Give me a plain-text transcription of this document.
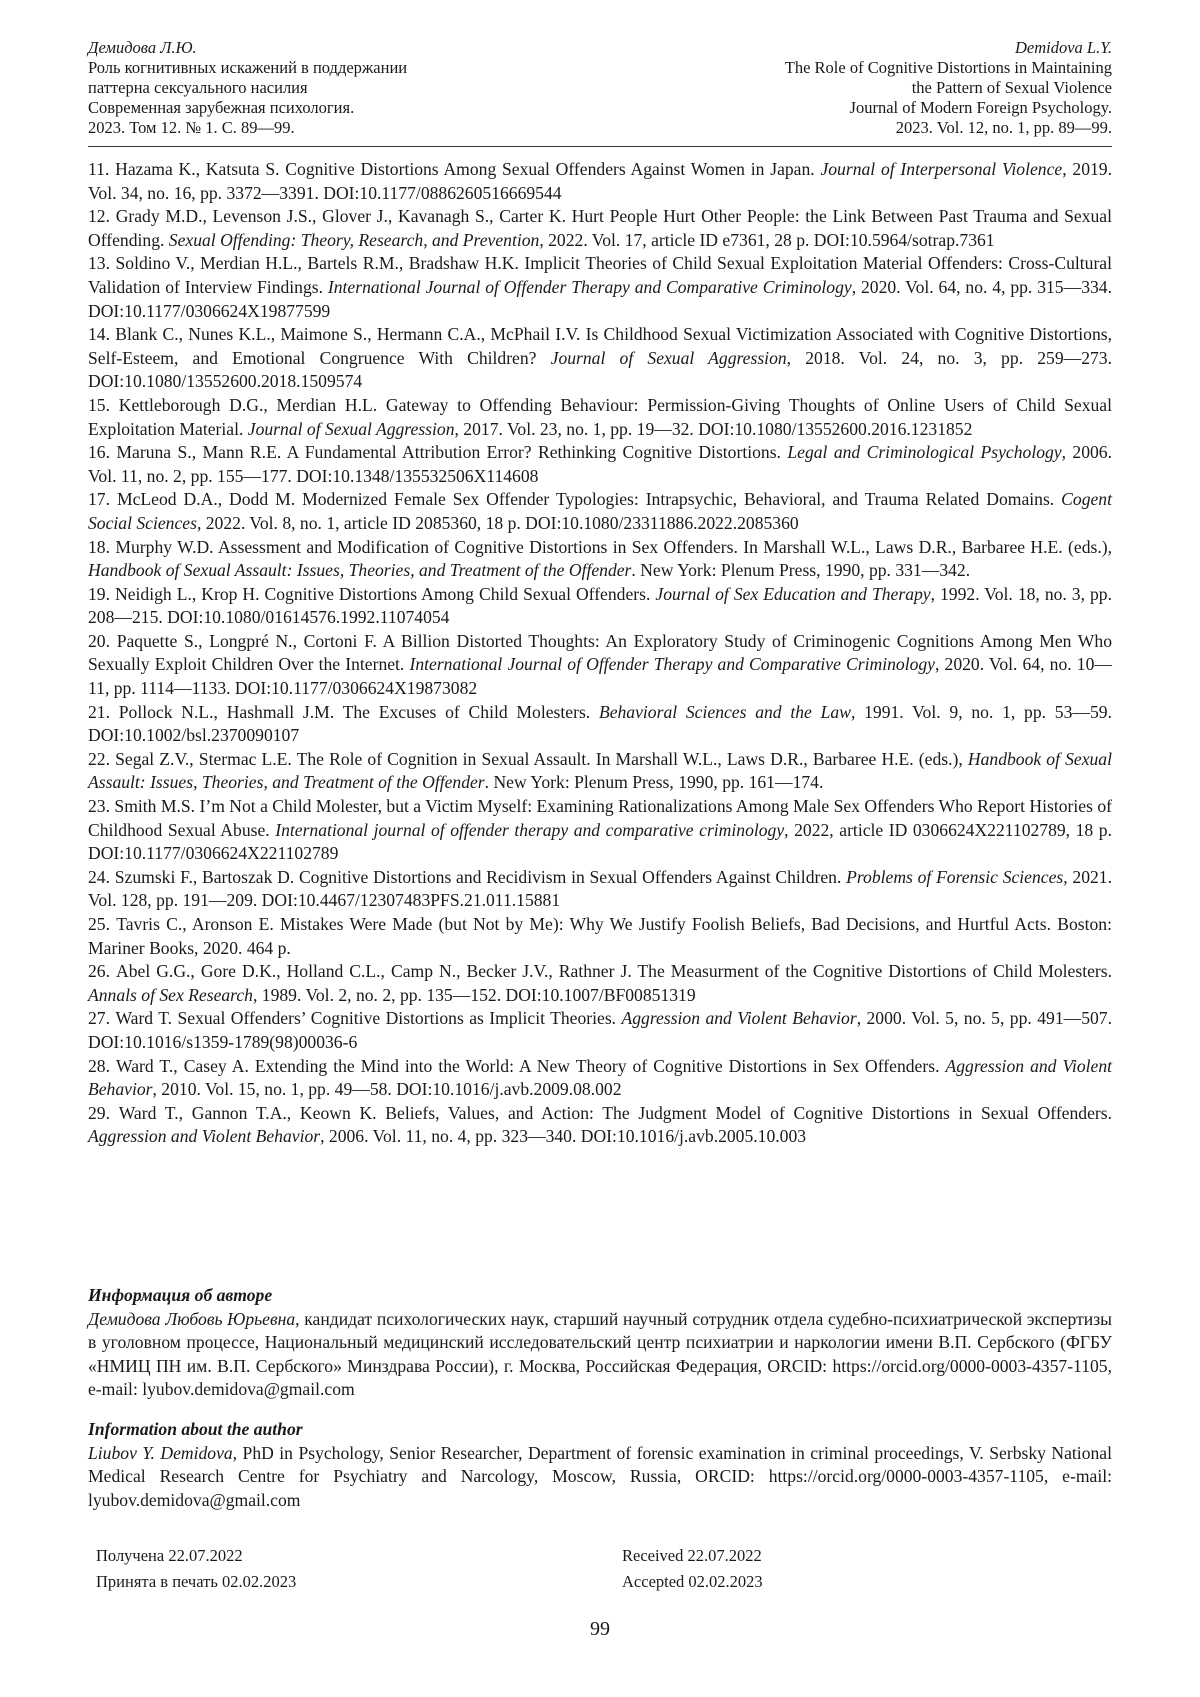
Демидова Л.Ю.
Роль когнитивных искажений в поддержании
паттерна сексуального насилия
Современная зарубежная психология.
2023. Том 12. № 1. С. 89—99.
Demidova L.Y.
The Role of Cognitive Distortions in Maintaining
the Pattern of Sexual Violence
Journal of Modern Foreign Psychology.
2023. Vol. 12, no. 1, pp. 89—99.

11. Hazama K., Katsuta S. Cognitive Distortions Among Sexual Offenders Against Women in Japan. Journal of Interpersonal Violence, 2019. Vol. 34, no. 16, pp. 3372—3391. DOI:10.1177/0886260516669544

12. Grady M.D., Levenson J.S., Glover J., Kavanagh S., Carter K. Hurt People Hurt Other People: the Link Between Past Trauma and Sexual Offending. Sexual Offending: Theory, Research, and Prevention, 2022. Vol. 17, article ID e7361, 28 p. DOI:10.5964/sotrap.7361

13. Soldino V., Merdian H.L., Bartels R.M., Bradshaw H.K. Implicit Theories of Child Sexual Exploitation Material Offenders: Cross-Cultural Validation of Interview Findings. International Journal of Offender Therapy and Comparative Criminology, 2020. Vol. 64, no. 4, pp. 315—334. DOI:10.1177/0306624X19877599

14. Blank C., Nunes K.L., Maimone S., Hermann C.A., McPhail I.V. Is Childhood Sexual Victimization Associated with Cognitive Distortions, Self-Esteem, and Emotional Congruence With Children? Journal of Sexual Aggression, 2018. Vol. 24, no. 3, pp. 259—273. DOI:10.1080/13552600.2018.1509574

15. Kettleborough D.G., Merdian H.L. Gateway to Offending Behaviour: Permission-Giving Thoughts of Online Users of Child Sexual Exploitation Material. Journal of Sexual Aggression, 2017. Vol. 23, no. 1, pp. 19—32. DOI:10.1080/13552600.2016.1231852

16. Maruna S., Mann R.E. A Fundamental Attribution Error? Rethinking Cognitive Distortions. Legal and Criminological Psychology, 2006. Vol. 11, no. 2, pp. 155—177. DOI:10.1348/135532506X114608

17. McLeod D.A., Dodd M. Modernized Female Sex Offender Typologies: Intrapsychic, Behavioral, and Trauma Related Domains. Cogent Social Sciences, 2022. Vol. 8, no. 1, article ID 2085360, 18 p. DOI:10.1080/23311886.2022.2085360

18. Murphy W.D. Assessment and Modification of Cognitive Distortions in Sex Offenders. In Marshall W.L., Laws D.R., Barbaree H.E. (eds.), Handbook of Sexual Assault: Issues, Theories, and Treatment of the Offender. New York: Plenum Press, 1990, pp. 331—342.

19. Neidigh L., Krop H. Cognitive Distortions Among Child Sexual Offenders. Journal of Sex Education and Therapy, 1992. Vol. 18, no. 3, pp. 208—215. DOI:10.1080/01614576.1992.11074054

20. Paquette S., Longpré N., Cortoni F. A Billion Distorted Thoughts: An Exploratory Study of Criminogenic Cognitions Among Men Who Sexually Exploit Children Over the Internet. International Journal of Offender Therapy and Comparative Criminology, 2020. Vol. 64, no. 10—11, pp. 1114—1133. DOI:10.1177/0306624X19873082

21. Pollock N.L., Hashmall J.M. The Excuses of Child Molesters. Behavioral Sciences and the Law, 1991. Vol. 9, no. 1, pp. 53—59. DOI:10.1002/bsl.2370090107

22. Segal Z.V., Stermac L.E. The Role of Cognition in Sexual Assault. In Marshall W.L., Laws D.R., Barbaree H.E. (eds.), Handbook of Sexual Assault: Issues, Theories, and Treatment of the Offender. New York: Plenum Press, 1990, pp. 161—174.

23. Smith M.S. I’m Not a Child Molester, but a Victim Myself: Examining Rationalizations Among Male Sex Offenders Who Report Histories of Childhood Sexual Abuse. International journal of offender therapy and comparative criminology, 2022, article ID 0306624X221102789, 18 p. DOI:10.1177/0306624X221102789

24. Szumski F., Bartoszak D. Cognitive Distortions and Recidivism in Sexual Offenders Against Children. Problems of Forensic Sciences, 2021. Vol. 128, pp. 191—209. DOI:10.4467/12307483PFS.21.011.15881

25. Tavris C., Aronson E. Mistakes Were Made (but Not by Me): Why We Justify Foolish Beliefs, Bad Decisions, and Hurtful Acts. Boston: Mariner Books, 2020. 464 p.

26. Abel G.G., Gore D.K., Holland C.L., Camp N., Becker J.V., Rathner J. The Measurment of the Cognitive Distortions of Child Molesters. Annals of Sex Research, 1989. Vol. 2, no. 2, pp. 135—152. DOI:10.1007/BF00851319

27. Ward T. Sexual Offenders’ Cognitive Distortions as Implicit Theories. Aggression and Violent Behavior, 2000. Vol. 5, no. 5, pp. 491—507. DOI:10.1016/s1359-1789(98)00036-6

28. Ward T., Casey A. Extending the Mind into the World: A New Theory of Cognitive Distortions in Sex Offenders. Aggression and Violent Behavior, 2010. Vol. 15, no. 1, pp. 49—58. DOI:10.1016/j.avb.2009.08.002

29. Ward T., Gannon T.A., Keown K. Beliefs, Values, and Action: The Judgment Model of Cognitive Distortions in Sexual Offenders. Aggression and Violent Behavior, 2006. Vol. 11, no. 4, pp. 323—340. DOI:10.1016/j.avb.2005.10.003

Информация об авторе

Демидова Любовь Юрьевна, кандидат психологических наук, старший научный сотрудник отдела судебно-психиатрической экспертизы в уголовном процессе, Национальный медицинский исследовательский центр психиатрии и наркологии имени В.П. Сербского (ФГБУ «НМИЦ ПН им. В.П. Сербского» Минздрава России), г. Москва, Российская Федерация, ORCID: https://orcid.org/0000-0003-4357-1105, e-mail: lyubov.demidova@gmail.com

Information about the author

Liubov Y. Demidova, PhD in Psychology, Senior Researcher, Department of forensic examination in criminal proceedings, V. Serbsky National Medical Research Centre for Psychiatry and Narcology, Moscow, Russia, ORCID: https://orcid.org/0000-0003-4357-1105, e-mail: lyubov.demidova@gmail.com

Получена 22.07.2022
Принята в печать 02.02.2023
Received 22.07.2022
Accepted 02.02.2023
99
